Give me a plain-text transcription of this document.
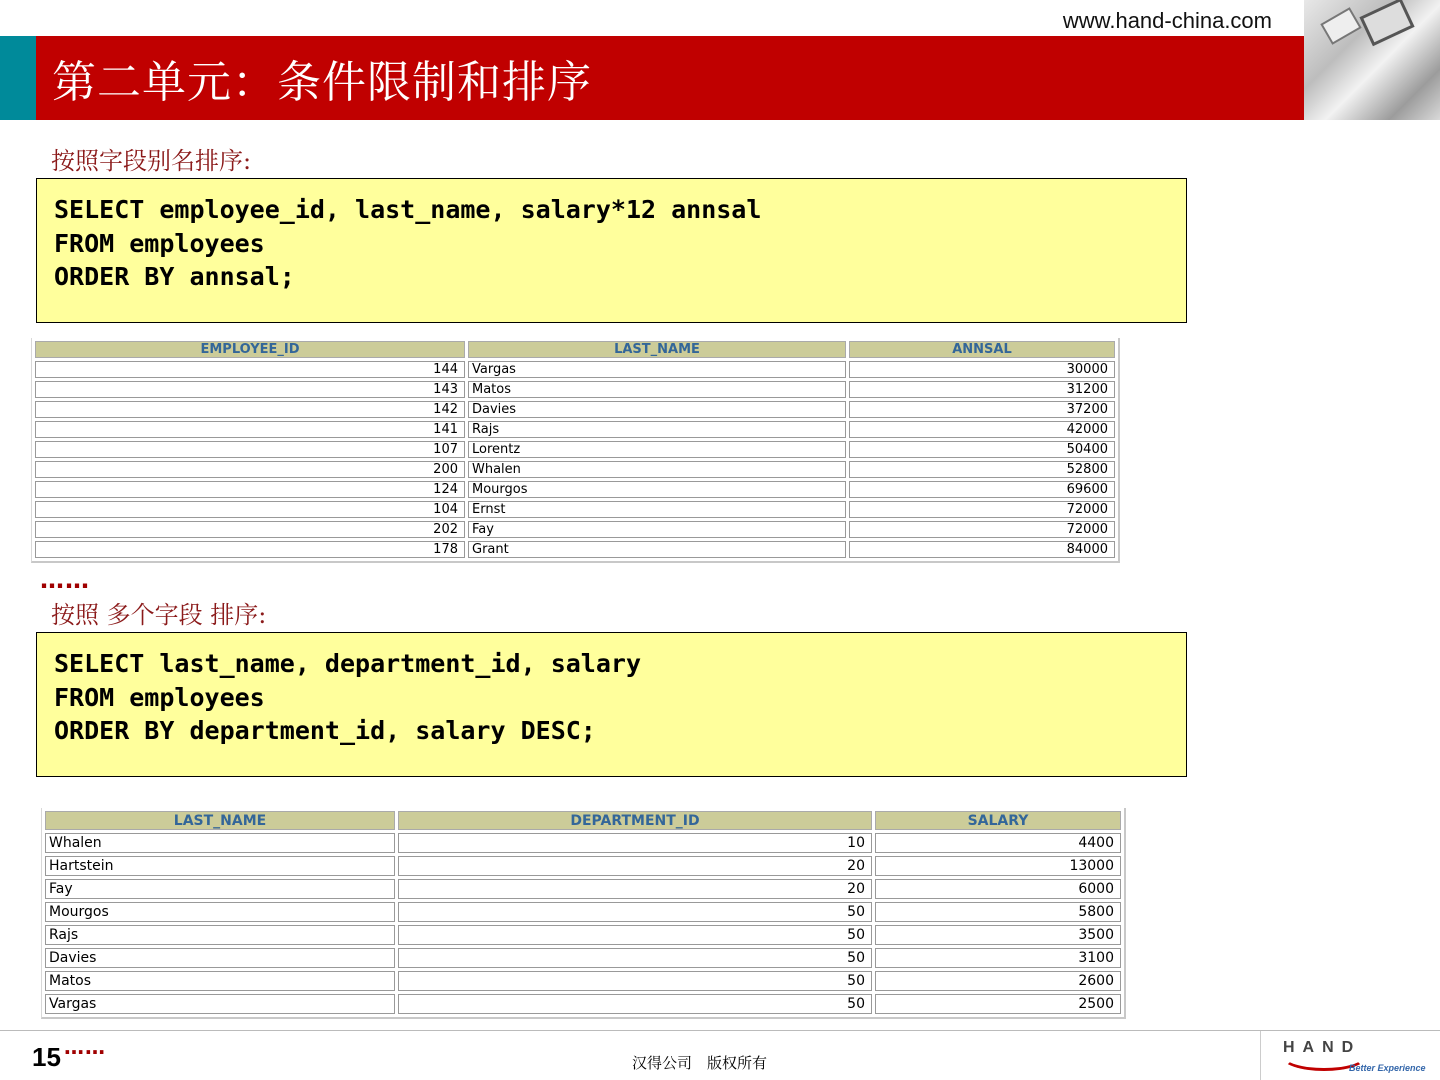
www.hand-china.com
第二单元：条件限制和排序
按照字段别名排序:
SELECT employee_id, last_name, salary*12 annsal
FROM employees
ORDER BY annsal;
EMPLOYEE_ID	LAST_NAME	ANNSAL
144	Vargas	30000
143	Matos	31200
142	Davies	37200
141	Rajs	42000
107	Lorentz	50400
200	Whalen	52800
124	Mourgos	69600
104	Ernst	72000
202	Fay	72000
178	Grant	84000
……
按照 多个字段 排序:
SELECT last_name, department_id, salary
FROM employees
ORDER BY department_id, salary DESC;
LAST_NAME	DEPARTMENT_ID	SALARY
Whalen	10	4400
Hartstein	20	13000
Fay	20	6000
Mourgos	50	5800
Rajs	50	3500
Davies	50	3100
Matos	50	2600
Vargas	50	2500
15 ……
汉得公司　版权所有
HAND
Better Experience
